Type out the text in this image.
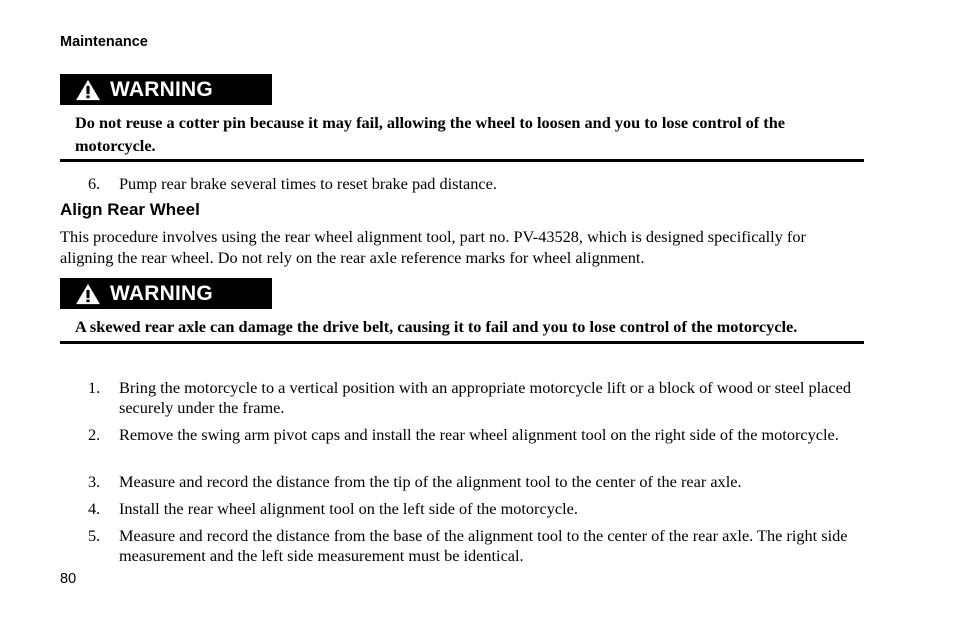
Maintenance
WARNING
Do not reuse a cotter pin because it may fail, allowing the wheel to loosen and you to lose control of the motorcycle.
6. Pump rear brake several times to reset brake pad distance.
Align Rear Wheel
This procedure involves using the rear wheel alignment tool, part no. PV-43528, which is designed specifically for aligning the rear wheel. Do not rely on the rear axle reference marks for wheel alignment.
WARNING
A skewed rear axle can damage the drive belt, causing it to fail and you to lose control of the motorcycle.
1. Bring the motorcycle to a vertical position with an appropriate motorcycle lift or a block of wood or steel placed securely under the frame.
2. Remove the swing arm pivot caps and install the rear wheel alignment tool on the right side of the motorcycle.
3. Measure and record the distance from the tip of the alignment tool to the center of the rear axle.
4. Install the rear wheel alignment tool on the left side of the motorcycle.
5. Measure and record the distance from the base of the alignment tool to the center of the rear axle. The right side measurement and the left side measurement must be identical.
80
